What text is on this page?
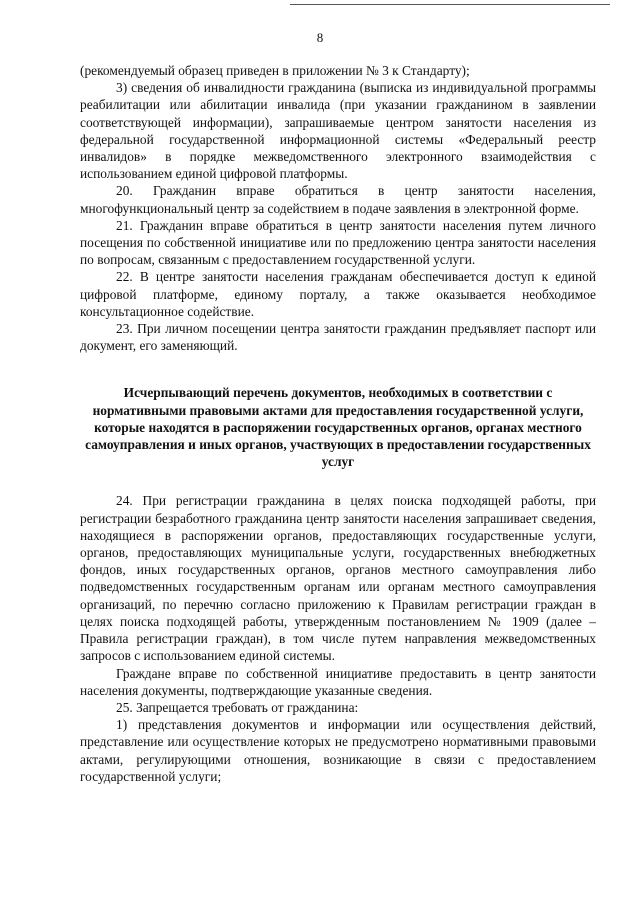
8

(рекомендуемый образец приведен в приложении № 3 к Стандарту);

3) сведения об инвалидности гражданина (выписка из индивидуальной программы реабилитации или абилитации инвалида (при указании гражданином в заявлении соответствующей информации), запрашиваемые центром занятости населения из федеральной государственной информационной системы «Федеральный реестр инвалидов» в порядке межведомственного электронного взаимодействия с использованием единой цифровой платформы.

20. Гражданин вправе обратиться в центр занятости населения, многофункциональный центр за содействием в подаче заявления в электронной форме.

21. Гражданин вправе обратиться в центр занятости населения путем личного посещения по собственной инициативе или по предложению центра занятости населения по вопросам, связанным с предоставлением государственной услуги.

22. В центре занятости населения гражданам обеспечивается доступ к единой цифровой платформе, единому порталу, а также оказывается необходимое консультационное содействие.

23. При личном посещении центра занятости гражданин предъявляет паспорт или документ, его заменяющий.

Исчерпывающий перечень документов, необходимых в соответствии с нормативными правовыми актами для предоставления государственной услуги, которые находятся в распоряжении государственных органов, органах местного самоуправления и иных органов, участвующих в предоставлении государственных услуг

24. При регистрации гражданина в целях поиска подходящей работы, при регистрации безработного гражданина центр занятости населения запрашивает сведения, находящиеся в распоряжении органов, предоставляющих государственные услуги, органов, предоставляющих муниципальные услуги, государственных внебюджетных фондов, иных государственных органов, органов местного самоуправления либо подведомственных государственным органам или органам местного самоуправления организаций, по перечню согласно приложению к Правилам регистрации граждан в целях поиска подходящей работы, утвержденным постановлением № 1909 (далее – Правила регистрации граждан), в том числе путем направления межведомственных запросов с использованием единой системы.

Граждане вправе по собственной инициативе предоставить в центр занятости населения документы, подтверждающие указанные сведения.

25. Запрещается требовать от гражданина:

1) представления документов и информации или осуществления действий, представление или осуществление которых не предусмотрено нормативными правовыми актами, регулирующими отношения, возникающие в связи с предоставлением государственной услуги;
